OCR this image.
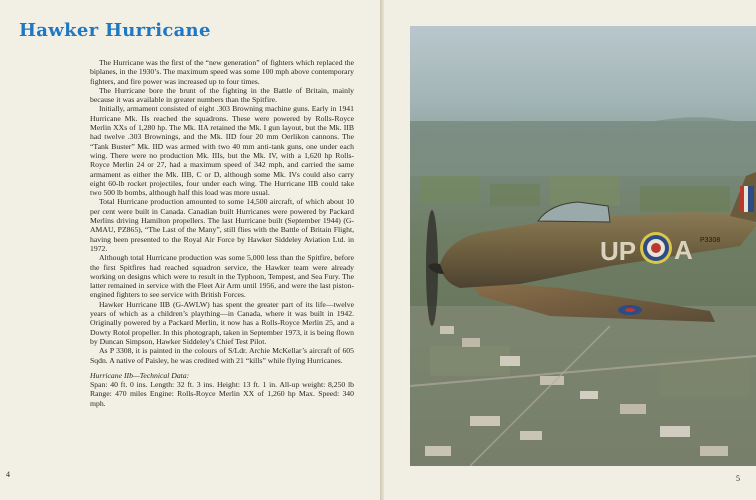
Hawker Hurricane

The Hurricane was the first of the “new generation” of fighters which replaced the biplanes, in the 1930’s. The maximum speed was some 100 mph above contemporary fighters, and fire power was increased up to four times.

The Hurricane bore the brunt of the fighting in the Battle of Britain, mainly because it was available in greater numbers than the Spitfire.

Initially, armament consisted of eight .303 Browning machine guns. Early in 1941 Hurricane Mk. IIs reached the squadrons. These were powered by Rolls-Royce Merlin XXs of 1,280 hp. The Mk. IIA retained the Mk. I gun layout, but the Mk. IIB had twelve .303 Brownings, and the Mk. IID four 20 mm Oerlikon cannons. The “Tank Buster” Mk. IID was armed with two 40 mm anti-tank guns, one under each wing. There were no production Mk. IIIs, but the Mk. IV, with a 1,620 hp Rolls-Royce Merlin 24 or 27, had a maximum speed of 342 mph, and carried the same armament as either the Mk. IIB, C or D, although some Mk. IVs could also carry eight 60-lb rocket projectiles, four under each wing. The Hurricane IIB could take two 500 lb bombs, although half this load was more usual.

Total Hurricane production amounted to some 14,500 aircraft, of which about 10 per cent were built in Canada. Canadian built Hurricanes were powered by Packard Merlins driving Hamilton propellers. The last Hurricane built (September 1944) (G-AMAU, PZ865), “The Last of the Many”, still flies with the Battle of Britain Flight, having been presented to the Royal Air Force by Hawker Siddeley Aviation Ltd. in 1972.

Although total Hurricane production was some 5,000 less than the Spitfire, before the first Spitfires had reached squadron service, the Hawker team were already working on designs which were to result in the Typhoon, Tempest, and Sea Fury. The latter remained in service with the Fleet Air Arm until 1956, and were the last piston-engined fighters to see service with British Forces.

Hawker Hurricane IIB (G-AWLW) has spent the greater part of its life—twelve years of which as a children’s plaything—in Canada, where it was built in 1942. Originally powered by a Packard Merlin, it now has a Rolls-Royce Merlin 25, and a Dowty Rotol propeller. In this photograph, taken in September 1973, it is being flown by Duncan Simpson, Hawker Siddeley’s Chief Test Pilot.

As P 3308, it is painted in the colours of S/Ldr. Archie McKellar’s aircraft of 605 Sqdn. A native of Paisley, he was credited with 21 “kills” while flying Hurricanes.

Hurricane IIb—Technical Data:

Span: 40 ft. 0 ins. Length: 32 ft. 3 ins. Height: 13 ft. 1 in. All-up weight: 8,250 lb Range: 470 miles Engine: Rolls-Royce Merlin XX of 1,260 hp Max. Speed: 340 mph.

4
UP A P3308
5
